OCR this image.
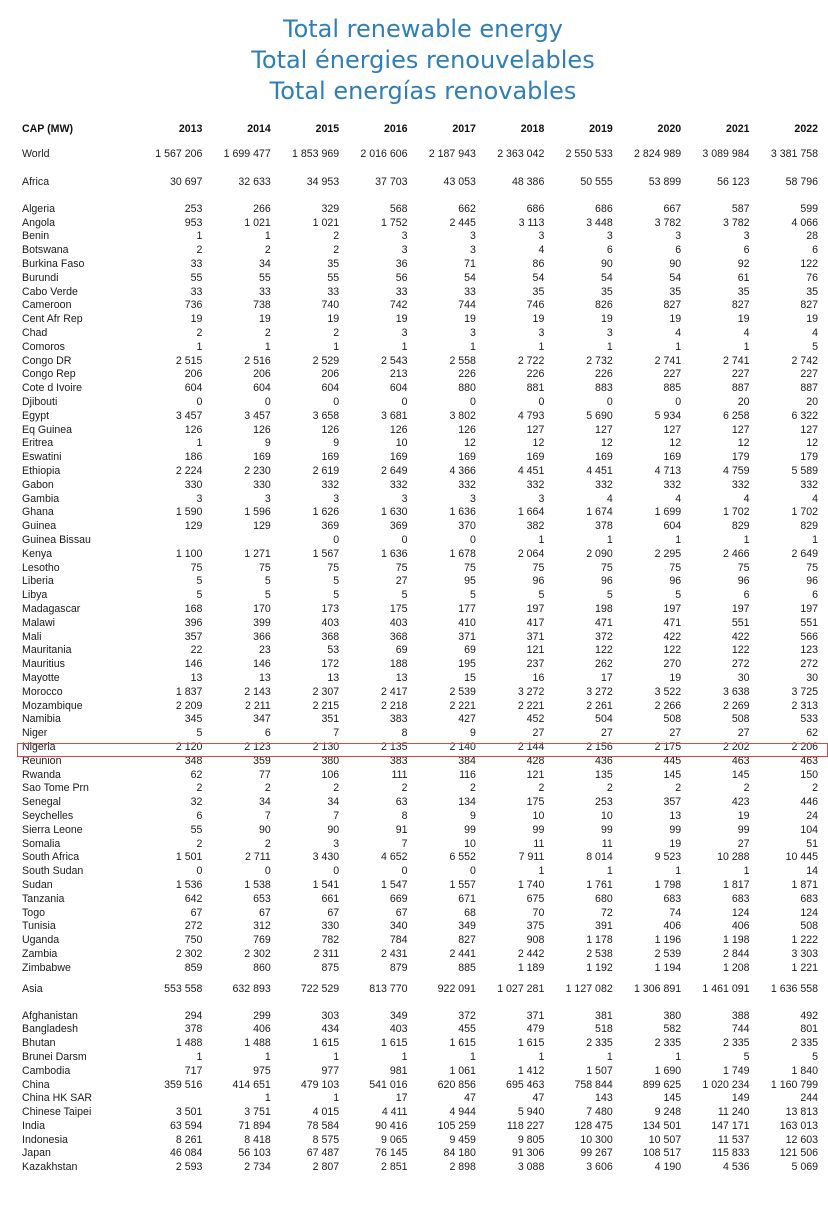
Total renewable energy
Total énergies renouvelables
Total energías renovables
CAP (MW)	2013	2014	2015	2016	2017	2018	2019	2020	2021	2022
World	1 567 206	1 699 477	1 853 969	2 016 606	2 187 943	2 363 042	2 550 533	2 824 989	3 089 984	3 381 758
Africa	30 697	32 633	34 953	37 703	43 053	48 386	50 555	53 899	56 123	58 796

Algeria	253	266	329	568	662	686	686	667	587	599
Angola	953	1 021	1 021	1 752	2 445	3 113	3 448	3 782	3 782	4 066
Benin	1	1	2	3	3	3	3	3	3	28
Botswana	2	2	2	3	3	4	6	6	6	6
Burkina Faso	33	34	35	36	71	86	90	90	92	122
Burundi	55	55	55	56	54	54	54	54	61	76
Cabo Verde	33	33	33	33	33	35	35	35	35	35
Cameroon	736	738	740	742	744	746	826	827	827	827
Cent Afr Rep	19	19	19	19	19	19	19	19	19	19
Chad	2	2	2	3	3	3	3	4	4	4
Comoros	1	1	1	1	1	1	1	1	1	5
Congo DR	2 515	2 516	2 529	2 543	2 558	2 722	2 732	2 741	2 741	2 742
Congo Rep	206	206	206	213	226	226	226	227	227	227
Cote d Ivoire	604	604	604	604	880	881	883	885	887	887
Djibouti	0	0	0	0	0	0	0	0	20	20
Egypt	3 457	3 457	3 658	3 681	3 802	4 793	5 690	5 934	6 258	6 322
Eq Guinea	126	126	126	126	126	127	127	127	127	127
Eritrea	1	9	9	10	12	12	12	12	12	12
Eswatini	186	169	169	169	169	169	169	169	179	179
Ethiopia	2 224	2 230	2 619	2 649	4 366	4 451	4 451	4 713	4 759	5 589
Gabon	330	330	332	332	332	332	332	332	332	332
Gambia	3	3	3	3	3	3	4	4	4	4
Ghana	1 590	1 596	1 626	1 630	1 636	1 664	1 674	1 699	1 702	1 702
Guinea	129	129	369	369	370	382	378	604	829	829
Guinea Bissau			0	0	0	1	1	1	1	1
Kenya	1 100	1 271	1 567	1 636	1 678	2 064	2 090	2 295	2 466	2 649
Lesotho	75	75	75	75	75	75	75	75	75	75
Liberia	5	5	5	27	95	96	96	96	96	96
Libya	5	5	5	5	5	5	5	5	6	6
Madagascar	168	170	173	175	177	197	198	197	197	197
Malawi	396	399	403	403	410	417	471	471	551	551
Mali	357	366	368	368	371	371	372	422	422	566
Mauritania	22	23	53	69	69	121	122	122	122	123
Mauritius	146	146	172	188	195	237	262	270	272	272
Mayotte	13	13	13	13	15	16	17	19	30	30
Morocco	1 837	2 143	2 307	2 417	2 539	3 272	3 272	3 522	3 638	3 725
Mozambique	2 209	2 211	2 215	2 218	2 221	2 221	2 261	2 266	2 269	2 313
Namibia	345	347	351	383	427	452	504	508	508	533
Niger	5	6	7	8	9	27	27	27	27	62
Nigeria	2 120	2 123	2 130	2 135	2 140	2 144	2 156	2 175	2 202	2 206
Reunion	348	359	380	383	384	428	436	445	463	463
Rwanda	62	77	106	111	116	121	135	145	145	150
Sao Tome Prn	2	2	2	2	2	2	2	2	2	2
Senegal	32	34	34	63	134	175	253	357	423	446
Seychelles	6	7	7	8	9	10	10	13	19	24
Sierra Leone	55	90	90	91	99	99	99	99	99	104
Somalia	2	2	3	7	10	11	11	19	27	51
South Africa	1 501	2 711	3 430	4 652	6 552	7 911	8 014	9 523	10 288	10 445
South Sudan	0	0	0	0	0	1	1	1	1	14
Sudan	1 536	1 538	1 541	1 547	1 557	1 740	1 761	1 798	1 817	1 871
Tanzania	642	653	661	669	671	675	680	683	683	683
Togo	67	67	67	67	68	70	72	74	124	124
Tunisia	272	312	330	340	349	375	391	406	406	508
Uganda	750	769	782	784	827	908	1 178	1 196	1 198	1 222
Zambia	2 302	2 302	2 311	2 431	2 441	2 442	2 538	2 539	2 844	3 303
Zimbabwe	859	860	875	879	885	1 189	1 192	1 194	1 208	1 221
Asia	553 558	632 893	722 529	813 770	922 091	1 027 281	1 127 082	1 306 891	1 461 091	1 636 558

Afghanistan	294	299	303	349	372	371	381	380	388	492
Bangladesh	378	406	434	403	455	479	518	582	744	801
Bhutan	1 488	1 488	1 615	1 615	1 615	1 615	2 335	2 335	2 335	2 335
Brunei Darsm	1	1	1	1	1	1	1	1	5	5
Cambodia	717	975	977	981	1 061	1 412	1 507	1 690	1 749	1 840
China	359 516	414 651	479 103	541 016	620 856	695 463	758 844	899 625	1 020 234	1 160 799
China HK SAR		1	1	17	47	47	143	145	149	244
Chinese Taipei	3 501	3 751	4 015	4 411	4 944	5 940	7 480	9 248	11 240	13 813
India	63 594	71 894	78 584	90 416	105 259	118 227	128 475	134 501	147 171	163 013
Indonesia	8 261	8 418	8 575	9 065	9 459	9 805	10 300	10 507	11 537	12 603
Japan	46 084	56 103	67 487	76 145	84 180	91 306	99 267	108 517	115 833	121 506
Kazakhstan	2 593	2 734	2 807	2 851	2 898	3 088	3 606	4 190	4 536	5 069
